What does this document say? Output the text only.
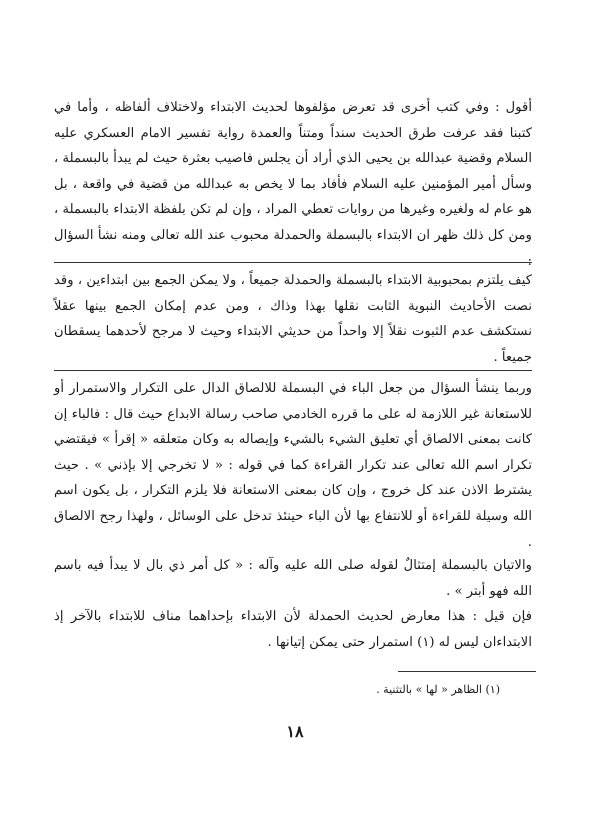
أقول : وفي كتب أخرى قد تعرض مؤلفوها لحديث الابتداء ولاختلاف ألفاظه ، وأما في كتبنا فقد عرفت طرق الحديث سنداً ومتناً والعمدة رواية تفسير الامام العسكري عليه السلام وقضية عبدالله بن يحيى الذي أراد أن يجلس فاصيب بعثرة حيث لم يبدأ بالبسملة ، وسأل أمير المؤمنين عليه السلام فأفاد بما لا يخص به عبدالله من قضية في واقعة ، بل هو عام له ولغيره وغيرها من روايات تعطي المراد ، وإن لم تكن بلفظة الابتداء بالبسملة ، ومن كل ذلك ظهر ان الابتداء بالبسملة والحمدلة محبوب عند الله تعالى ومنه نشأ السؤال

كيف يلتزم بمحبوبية الابتداء بالبسملة والحمدلة جميعاً ، ولا يمكن الجمع بين ابتداءين ، وقد نصت الأحاديث النبوية الثابت نقلها بهذا وذاك ، ومن عدم إمكان الجمع بينها عقلاً نستكشف عدم الثبوت نقلاً إلا واحداً من حديثي الابتداء وحيث لا مرجح لأحدهما يسقطان جميعاً .

وربما ينشأ السؤال من جعل الباء في البسملة للالصاق الدال على التكرار والاستمرار أو للاستعانة غير اللازمة له على ما قرره الخادمي صاحب رسالة الابداع حيث قال : فالباء إن كانت بمعنى الالصاق أي تعليق الشيء بالشيء وإيصاله به وكان متعلقه « إقرأ » فيقتضي تكرار اسم الله تعالى عند تكرار القراءة كما في قوله : « لا تخرجي إلا بإذني » . حيث يشترط الاذن عند كل خروج ، وإن كان بمعنى الاستعانة فلا يلزم التكرار ، بل يكون اسم الله وسيلة للقراءة أو للانتفاع بها لأن الباء حينئذ تدخل على الوسائل ، ولهذا رجح الالصاق .

والاتيان بالبسملة إمتثالٌ لقوله صلى الله عليه وآله : « كل أمر ذي بال لا يبدأ فيه باسم الله فهو أبتر » .

فإن قيل : هذا معارض لحديث الحمدلة لأن الابتداء بإحداهما مناف للابتداء بالآخر إذ الابتداءان ليس له (١) استمرار حتى يمكن إتيانها .

(١) الظاهر « لها » بالتثنية .

١٨
